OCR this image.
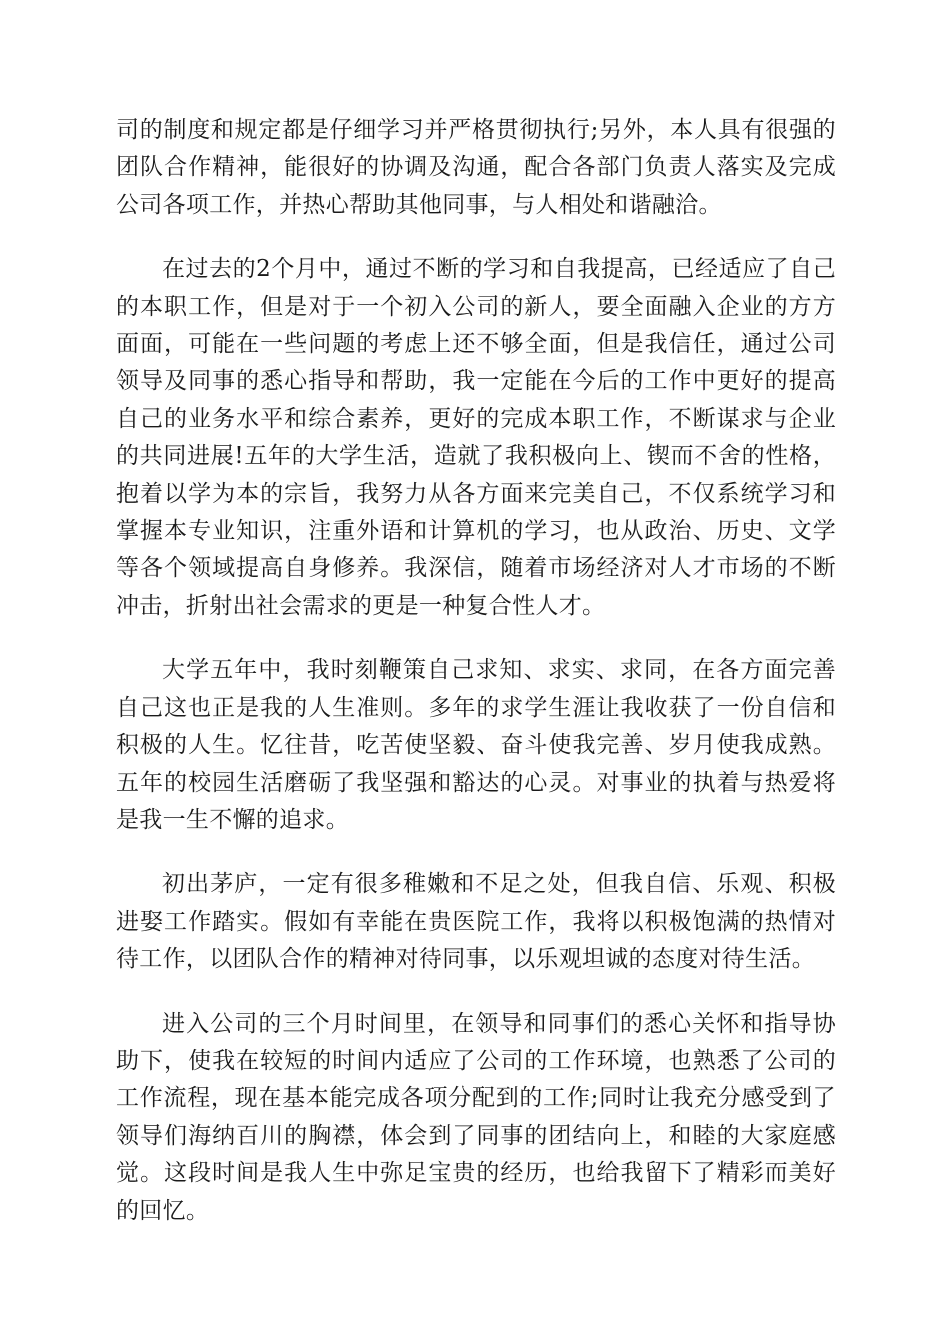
司的制度和规定都是仔细学习并严格贯彻执行;另外，本人具有很强的团队合作精神，能很好的协调及沟通，配合各部门负责人落实及完成公司各项工作，并热心帮助其他同事，与人相处和谐融洽。

在过去的2个月中，通过不断的学习和自我提高，已经适应了自己的本职工作，但是对于一个初入公司的新人，要全面融入企业的方方面面，可能在一些问题的考虑上还不够全面，但是我信任，通过公司领导及同事的悉心指导和帮助，我一定能在今后的工作中更好的提高自己的业务水平和综合素养，更好的完成本职工作，不断谋求与企业的共同进展!五年的大学生活，造就了我积极向上、锲而不舍的性格，抱着以学为本的宗旨，我努力从各方面来完美自己，不仅系统学习和掌握本专业知识，注重外语和计算机的学习，也从政治、历史、文学等各个领域提高自身修养。我深信，随着市场经济对人才市场的不断冲击，折射出社会需求的更是一种复合性人才。

大学五年中，我时刻鞭策自己求知、求实、求同，在各方面完善自己这也正是我的人生准则。多年的求学生涯让我收获了一份自信和积极的人生。忆往昔，吃苦使坚毅、奋斗使我完善、岁月使我成熟。五年的校园生活磨砺了我坚强和豁达的心灵。对事业的执着与热爱将是我一生不懈的追求。

初出茅庐，一定有很多稚嫩和不足之处，但我自信、乐观、积极进娶工作踏实。假如有幸能在贵医院工作，我将以积极饱满的热情对待工作，以团队合作的精神对待同事，以乐观坦诚的态度对待生活。

进入公司的三个月时间里，在领导和同事们的悉心关怀和指导协助下，使我在较短的时间内适应了公司的工作环境，也熟悉了公司的工作流程，现在基本能完成各项分配到的工作;同时让我充分感受到了领导们海纳百川的胸襟，体会到了同事的团结向上，和睦的大家庭感觉。这段时间是我人生中弥足宝贵的经历，也给我留下了精彩而美好的回忆。
